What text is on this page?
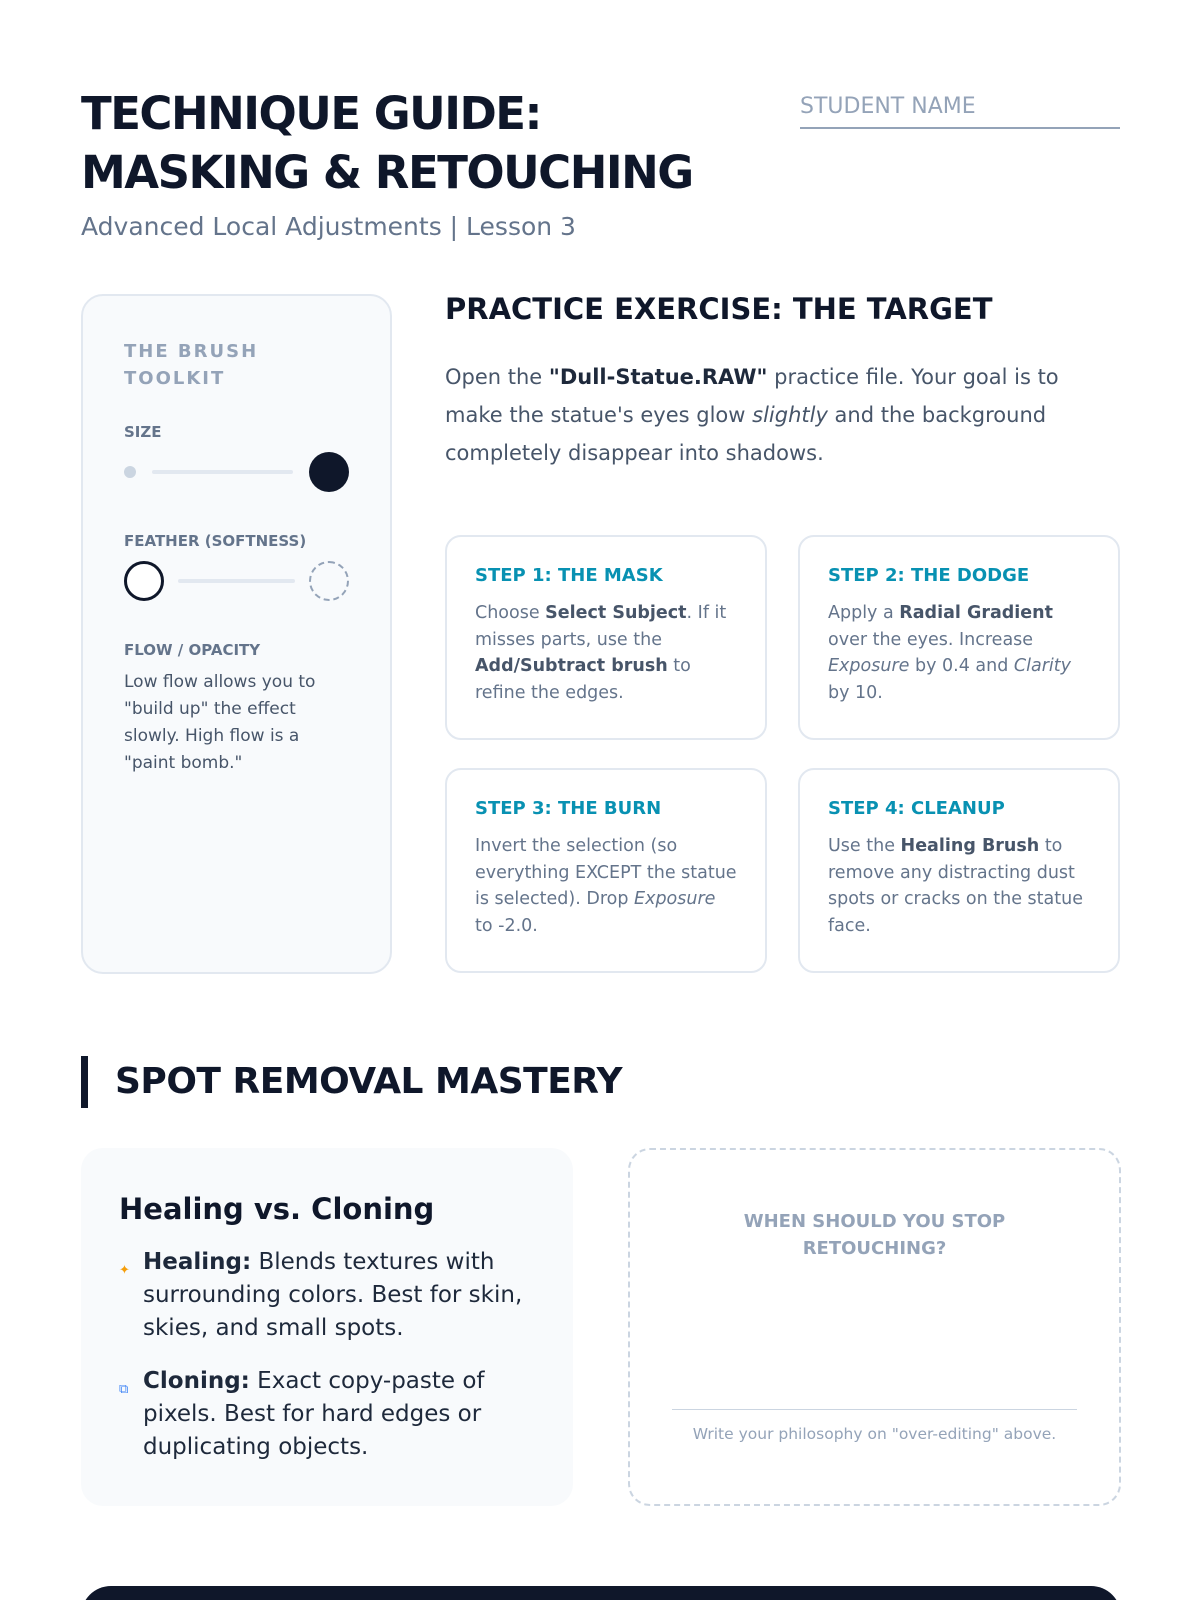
TECHNIQUE GUIDE:
MASKING & RETOUCHING
Advanced Local Adjustments | Lesson 3
STUDENT NAME
THE BRUSH
TOOLKIT
SIZE
FEATHER (SOFTNESS)
FLOW / OPACITY
Low flow allows you to "build up" the effect slowly. High flow is a "paint bomb."
PRACTICE EXERCISE: THE TARGET
Open the "Dull-Statue.RAW" practice file. Your goal is to make the statue's eyes glow slightly and the background completely disappear into shadows.
STEP 1: THE MASK
Choose Select Subject. If it misses parts, use the Add/Subtract brush to refine the edges.
STEP 2: THE DODGE
Apply a Radial Gradient over the eyes. Increase Exposure by 0.4 and Clarity by 10.
STEP 3: THE BURN
Invert the selection (so everything EXCEPT the statue is selected). Drop Exposure to -2.0.
STEP 4: CLEANUP
Use the Healing Brush to remove any distracting dust spots or cracks on the statue face.
SPOT REMOVAL MASTERY
Healing vs. Cloning
✦ Healing: Blends textures with surrounding colors. Best for skin, skies, and small spots.
⧉ Cloning: Exact copy-paste of pixels. Best for hard edges or duplicating objects.
WHEN SHOULD YOU STOP
RETOUCHING?
Write your philosophy on "over-editing" above.
